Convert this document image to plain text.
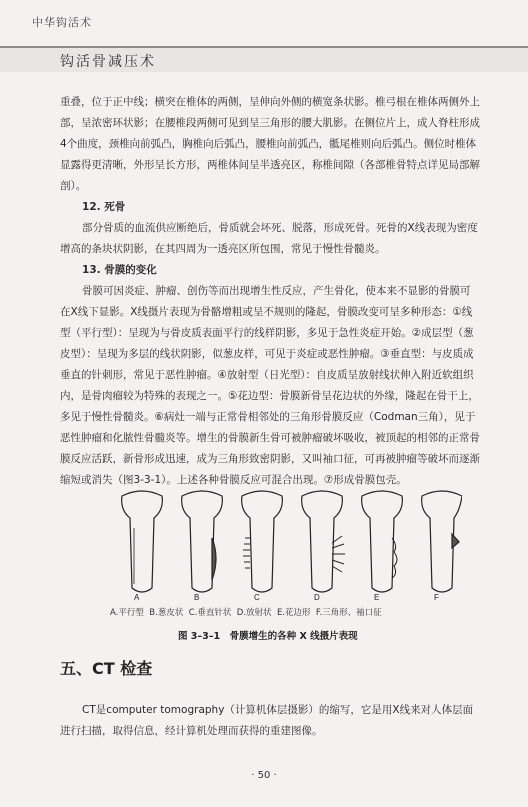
中华钩活术
钩活骨减压术

重叠，位于正中线；横突在椎体的两侧，呈伸向外侧的横宽条状影。椎弓根在椎体两侧外上部，呈浓密环状影；在腰椎段两侧可见到呈三角形的腰大肌影。在侧位片上，成人脊柱形成4个曲度，颈椎向前弧凸，胸椎向后弧凸，腰椎向前弧凸，骶尾椎则向后弧凸。侧位时椎体显露得更清晰，外形呈长方形，两椎体间呈半透亮区，称椎间隙（各部椎骨特点详见局部解剖）。

12. 死骨

部分骨质的血流供应断绝后，骨质就会坏死、脱落，形成死骨。死骨的X线表现为密度增高的条块状阴影，在其四周为一透亮区所包围，常见于慢性骨髓炎。

13. 骨膜的变化

骨膜可因炎症、肿瘤、创伤等而出现增生性反应，产生骨化，使本来不显影的骨膜可在X线下显影。X线摄片表现为骨骼增粗或呈不规则的隆起，骨膜改变可呈多种形态：①线型（平行型）：呈现为与骨皮质表面平行的线样阴影，多见于急性炎症开始。②成层型（葱皮型）：呈现为多层的线状阴影，似葱皮样，可见于炎症或恶性肿瘤。③垂直型：与皮质成垂直的针刺形，常见于恶性肿瘤。④放射型（日光型）：自皮质呈放射线状伸入附近软组织内，是骨肉瘤较为特殊的表现之一。⑤花边型：骨膜新骨呈花边状的外缘，隆起在骨干上，多见于慢性骨髓炎。⑥病灶一端与正常骨相邻处的三角形骨膜反应（Codman三角），见于恶性肿瘤和化脓性骨髓炎等。增生的骨膜新生骨可被肿瘤破坏吸收，被顶起的相邻的正常骨膜反应活跃，新骨形成迅速，成为三角形致密阴影，又叫袖口征，可再被肿瘤等破坏而逐渐缩短或消失（图3-3-1）。上述各种骨膜反应可混合出现。⑦形成骨膜包壳。

A	B	C	D	E	F
A.平行型 B.葱皮状 C.垂直针状 D.放射状 E.花边形 F.三角形、袖口征
图 3–3–1　骨膜增生的各种 X 线摄片表现
五、CT 检查
CT是computer tomography（计算机体层摄影）的缩写，它是用X线来对人体层面进行扫描，取得信息，经计算机处理而获得的重建图像。
· 50 ·
